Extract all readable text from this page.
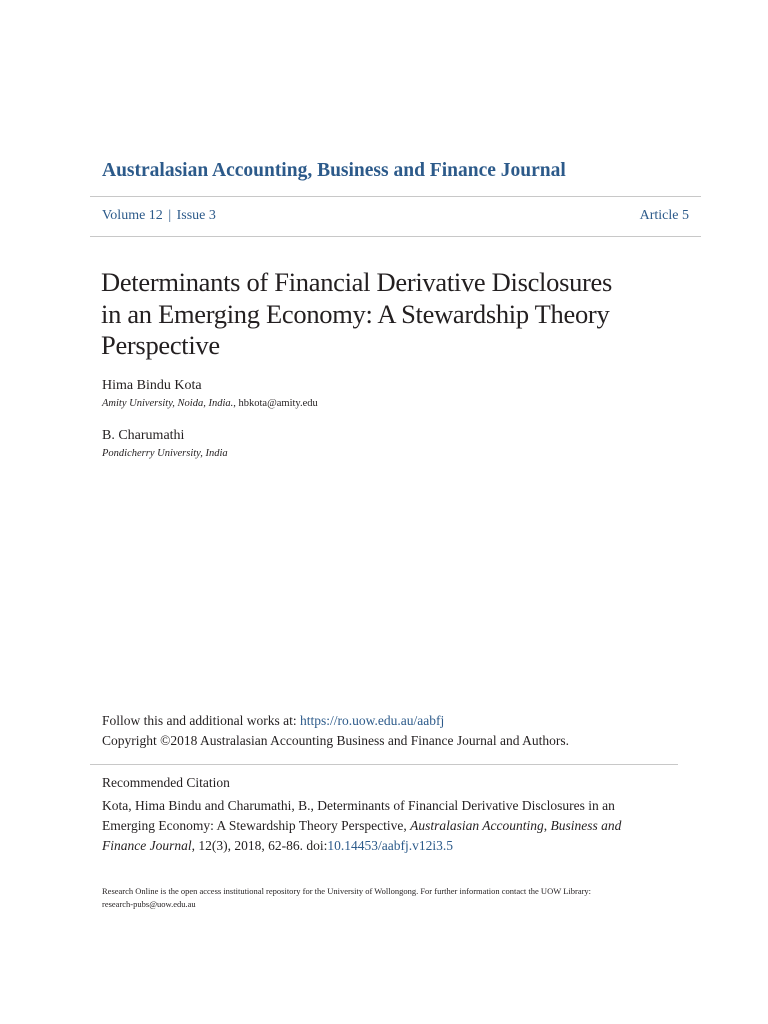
Australasian Accounting, Business and Finance Journal
Volume 12 | Issue 3	Article 5
Determinants of Financial Derivative Disclosures
in an Emerging Economy: A Stewardship Theory
Perspective
Hima Bindu Kota
Amity University, Noida, India., hbkota@amity.edu
B. Charumathi
Pondicherry University, India
Follow this and additional works at: https://ro.uow.edu.au/aabfj
Copyright ©2018 Australasian Accounting Business and Finance Journal and Authors.
Recommended Citation
Kota, Hima Bindu and Charumathi, B., Determinants of Financial Derivative Disclosures in an Emerging Economy: A Stewardship Theory Perspective, Australasian Accounting, Business and Finance Journal, 12(3), 2018, 62-86. doi:10.14453/aabfj.v12i3.5
Research Online is the open access institutional repository for the University of Wollongong. For further information contact the UOW Library:
research-pubs@uow.edu.au
